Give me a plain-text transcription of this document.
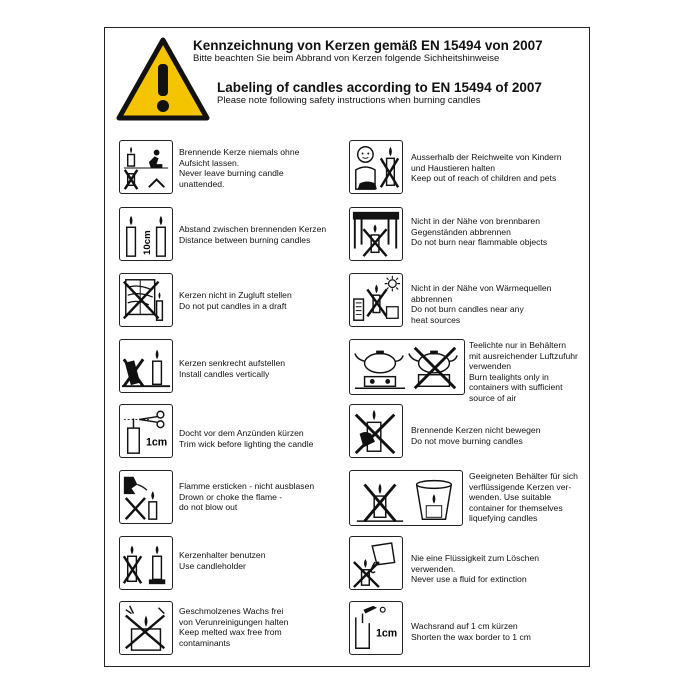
Kennzeichnung von Kerzen gemäß EN 15494 von 2007
Bitte beachten Sie beim Abbrand von Kerzen folgende Sichheitshinweise
Labeling of candles according to EN 15494 of 2007
Please note following safety instructions when burning candles
Brennende Kerze niemals ohne
Aufsicht lassen.
Never leave burning candle
unattended.
10cm
Abstand zwischen brennenden Kerzen
Distance between burning candles
Kerzen nicht in Zugluft stellen
Do not put candles in a draft
Kerzen senkrecht aufstellen
Install candles vertically
1cm
Docht vor dem Anzünden kürzen
Trim wick before lighting the candle
Flamme ersticken - nicht ausblasen
Drown or choke the flame -
do not blow out
Kerzenhalter benutzen
Use candleholder
Geschmolzenes Wachs frei
von Verunreinigungen halten
Keep melted wax free from
contaminants
Ausserhalb der Reichweite von Kindern
und Haustieren halten
Keep out of reach of children and pets
Nicht in der Nähe von brennbaren
Gegenständen abbrennen
Do not burn near flammable objects
Nicht in der Nähe von Wärmequellen
abbrennen
Do not burn candles near any
heat sources
Teelichte nur in Behältern
mit ausreichender Luftzufuhr
verwenden
Burn tealights only in
containers with sufficient
source of air
Brennende Kerzen nicht bewegen
Do not move burning candles
Geeigneten Behälter für sich
verflüssigende Kerzen ver-
wenden. Use suitable
container for themselves
liquefying candles
Nie eine Flüssigkeit zum Löschen
verwenden.
Never use a fluid for extinction
1cm
Wachsrand auf 1 cm kürzen
Shorten the wax border to 1 cm
